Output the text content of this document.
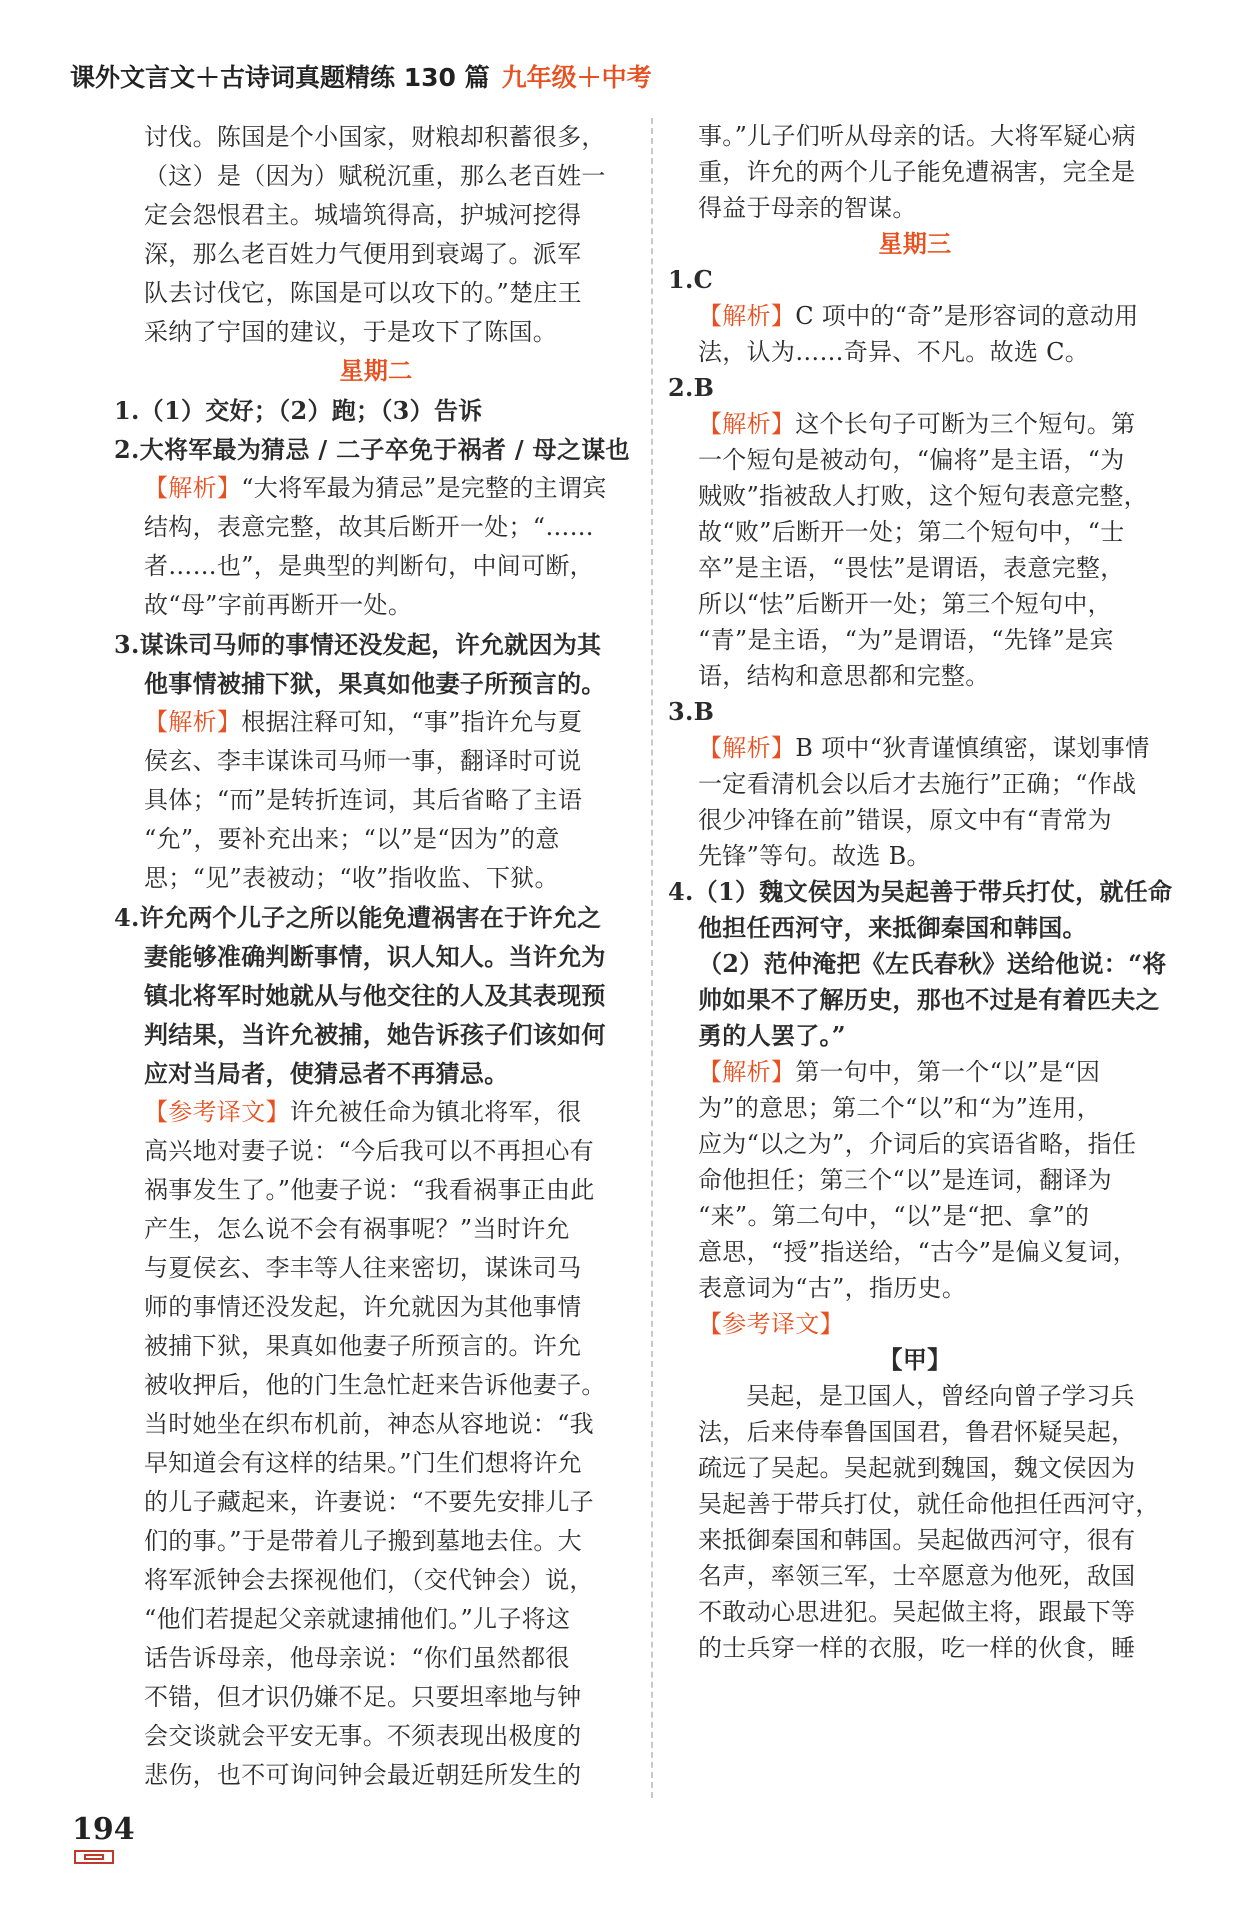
课外文言文＋古诗词真题精练 130 篇 九年级＋中考
讨伐。陈国是个小国家，财粮却积蓄很多，
（这）是（因为）赋税沉重，那么老百姓一
定会怨恨君主。城墙筑得高，护城河挖得
深，那么老百姓力气便用到衰竭了。派军
队去讨伐它，陈国是可以攻下的。”楚庄王
采纳了宁国的建议，于是攻下了陈国。
星期二
1.（1）交好；（2）跑；（3）告诉
2.大将军最为猜忌 / 二子卒免于祸者 / 母之谋也
【解析】“大将军最为猜忌”是完整的主谓宾
结构，表意完整，故其后断开一处；“……
者……也”，是典型的判断句，中间可断，
故“母”字前再断开一处。
3.谋诛司马师的事情还没发起，许允就因为其
他事情被捕下狱，果真如他妻子所预言的。
【解析】根据注释可知，“事”指许允与夏
侯玄、李丰谋诛司马师一事，翻译时可说
具体；“而”是转折连词，其后省略了主语
“允”，要补充出来；“以”是“因为”的意
思；“见”表被动；“收”指收监、下狱。
4.许允两个儿子之所以能免遭祸害在于许允之
妻能够准确判断事情，识人知人。当许允为
镇北将军时她就从与他交往的人及其表现预
判结果，当许允被捕，她告诉孩子们该如何
应对当局者，使猜忌者不再猜忌。
【参考译文】许允被任命为镇北将军，很
高兴地对妻子说：“今后我可以不再担心有
祸事发生了。”他妻子说：“我看祸事正由此
产生，怎么说不会有祸事呢？”当时许允
与夏侯玄、李丰等人往来密切，谋诛司马
师的事情还没发起，许允就因为其他事情
被捕下狱，果真如他妻子所预言的。许允
被收押后，他的门生急忙赶来告诉他妻子。
当时她坐在织布机前，神态从容地说：“我
早知道会有这样的结果。”门生们想将许允
的儿子藏起来，许妻说：“不要先安排儿子
们的事。”于是带着儿子搬到墓地去住。大
将军派钟会去探视他们，（交代钟会）说，
“他们若提起父亲就逮捕他们。”儿子将这
话告诉母亲，他母亲说：“你们虽然都很
不错，但才识仍嫌不足。只要坦率地与钟
会交谈就会平安无事。不须表现出极度的
悲伤，也不可询问钟会最近朝廷所发生的
事。”儿子们听从母亲的话。大将军疑心病
重，许允的两个儿子能免遭祸害，完全是
得益于母亲的智谋。
星期三
1.C
【解析】C 项中的“奇”是形容词的意动用
法，认为……奇异、不凡。故选 C。
2.B
【解析】这个长句子可断为三个短句。第
一个短句是被动句，“偏将”是主语，“为
贼败”指被敌人打败，这个短句表意完整，
故“败”后断开一处；第二个短句中，“士
卒”是主语，“畏怯”是谓语，表意完整，
所以“怯”后断开一处；第三个短句中，
“青”是主语，“为”是谓语，“先锋”是宾
语，结构和意思都和完整。
3.B
【解析】B 项中“狄青谨慎缜密，谋划事情
一定看清机会以后才去施行”正确；“作战
很少冲锋在前”错误，原文中有“青常为
先锋”等句。故选 B。
4.（1）魏文侯因为吴起善于带兵打仗，就任命
他担任西河守，来抵御秦国和韩国。
（2）范仲淹把《左氏春秋》送给他说：“将
帅如果不了解历史，那也不过是有着匹夫之
勇的人罢了。”
【解析】第一句中，第一个“以”是“因
为”的意思；第二个“以”和“为”连用，
应为“以之为”，介词后的宾语省略，指任
命他担任；第三个“以”是连词，翻译为
“来”。第二句中，“以”是“把、拿”的
意思，“授”指送给，“古今”是偏义复词，
表意词为“古”，指历史。
【参考译文】
【甲】
吴起，是卫国人，曾经向曾子学习兵
法，后来侍奉鲁国国君，鲁君怀疑吴起，
疏远了吴起。吴起就到魏国，魏文侯因为
吴起善于带兵打仗，就任命他担任西河守，
来抵御秦国和韩国。吴起做西河守，很有
名声，率领三军，士卒愿意为他死，敌国
不敢动心思进犯。吴起做主将，跟最下等
的士兵穿一样的衣服，吃一样的伙食，睡
194
